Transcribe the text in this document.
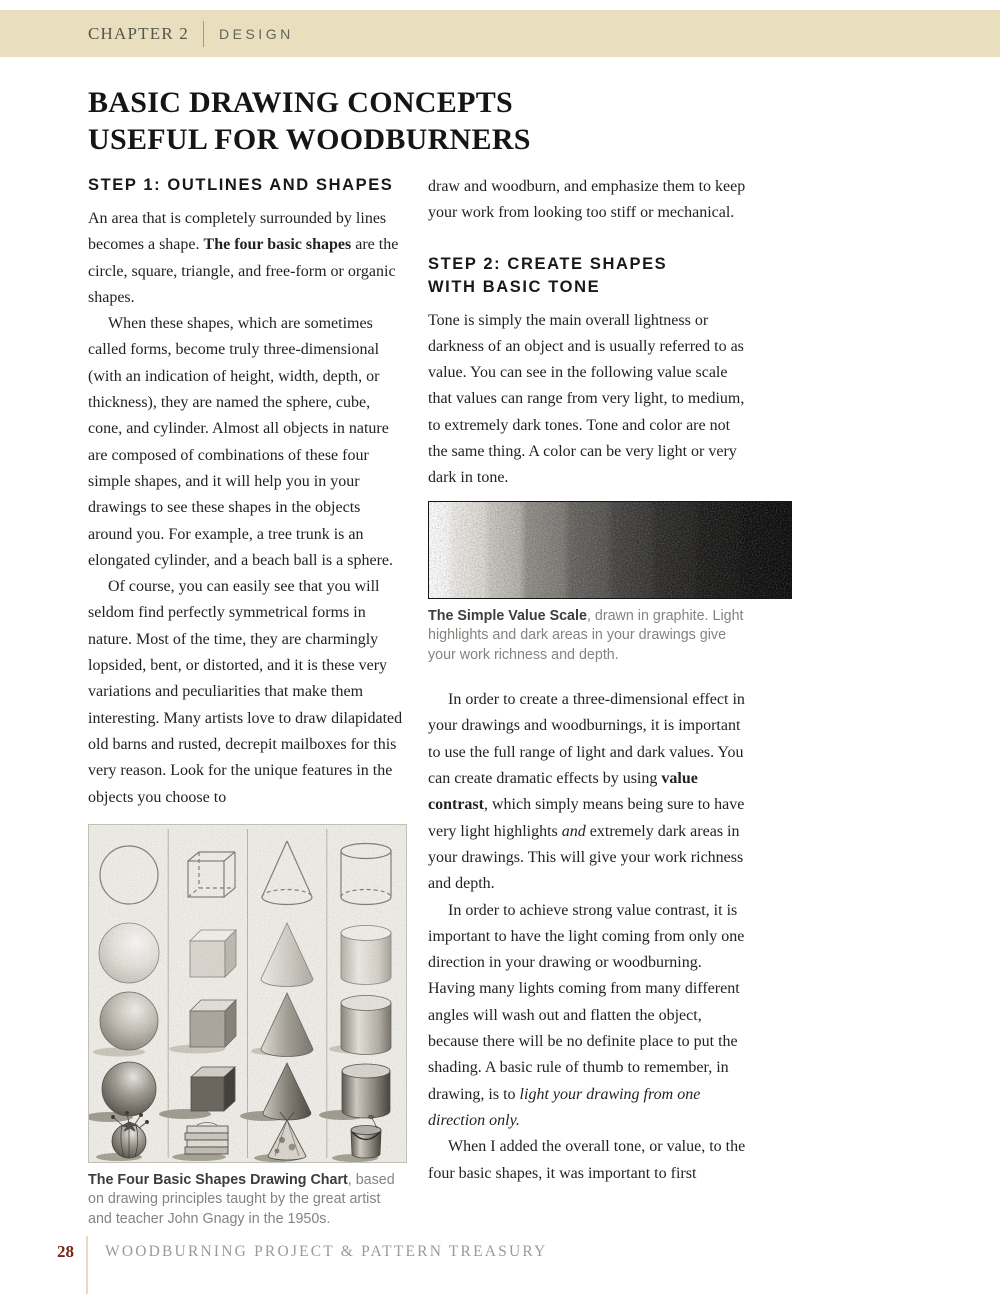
CHAPTER 2 DESIGN
BASIC DRAWING CONCEPTS
USEFUL FOR WOODBURNERS
STEP 1: OUTLINES AND SHAPES

An area that is completely surrounded by lines becomes a shape. The four basic shapes are the circle, square, triangle, and free-form or organic shapes.

When these shapes, which are sometimes called forms, become truly three-dimensional (with an indication of height, width, depth, or thickness), they are named the sphere, cube, cone, and cylinder. Almost all objects in nature are composed of combinations of these four simple shapes, and it will help you in your drawings to see these shapes in the objects around you. For example, a tree trunk is an elongated cylinder, and a beach ball is a sphere.

Of course, you can easily see that you will seldom find perfectly symmetrical forms in nature. Most of the time, they are charmingly lopsided, bent, or distorted, and it is these very variations and peculiarities that make them interesting. Many artists love to draw dilapidated old barns and rusted, decrepit mailboxes for this very reason. Look for the unique features in the objects you choose to

The Four Basic Shapes Drawing Chart, based on drawing principles taught by the great artist and teacher John Gnagy in the 1950s.

draw and woodburn, and emphasize them to keep your work from looking too stiff or mechanical.

STEP 2: CREATE SHAPES
WITH BASIC TONE

Tone is simply the main overall lightness or darkness of an object and is usually referred to as value. You can see in the following value scale that values can range from very light, to medium, to extremely dark tones. Tone and color are not the same thing. A color can be very light or very dark in tone.

The Simple Value Scale, drawn in graphite. Light highlights and dark areas in your drawings give your work richness and depth.

In order to create a three-dimensional effect in your drawings and woodburnings, it is important to use the full range of light and dark values. You can create dramatic effects by using value contrast, which simply means being sure to have very light highlights and extremely dark areas in your drawings. This will give your work richness and depth.

In order to achieve strong value contrast, it is important to have the light coming from only one direction in your drawing or woodburning. Having many lights coming from many different angles will wash out and flatten the object, because there will be no definite place to put the shading. A basic rule of thumb to remember, in drawing, is to light your drawing from one direction only.

When I added the overall tone, or value, to the four basic shapes, it was important to first

28 WOODBURNING PROJECT & PATTERN TREASURY
